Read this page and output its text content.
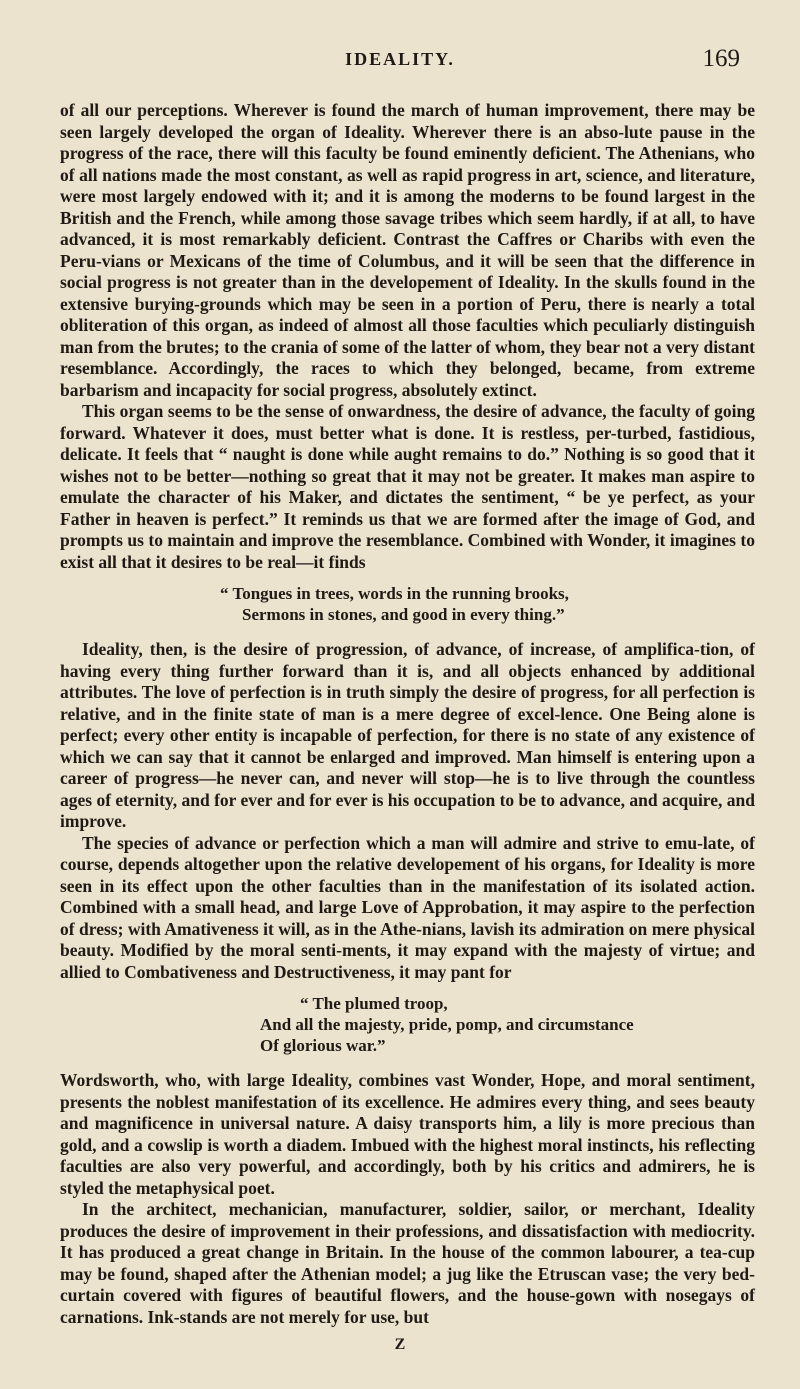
IDEALITY.	169

of all our perceptions. Wherever is found the march of human improvement, there may be seen largely developed the organ of Ideality. Wherever there is an abso-lute pause in the progress of the race, there will this faculty be found eminently deficient. The Athenians, who of all nations made the most constant, as well as rapid progress in art, science, and literature, were most largely endowed with it; and it is among the moderns to be found largest in the British and the French, while among those savage tribes which seem hardly, if at all, to have advanced, it is most remarkably deficient. Contrast the Caffres or Charibs with even the Peru-vians or Mexicans of the time of Columbus, and it will be seen that the difference in social progress is not greater than in the developement of Ideality. In the skulls found in the extensive burying-grounds which may be seen in a portion of Peru, there is nearly a total obliteration of this organ, as indeed of almost all those faculties which peculiarly distinguish man from the brutes; to the crania of some of the latter of whom, they bear not a very distant resemblance. Accordingly, the races to which they belonged, became, from extreme barbarism and incapacity for social progress, absolutely extinct.

This organ seems to be the sense of onwardness, the desire of advance, the faculty of going forward. Whatever it does, must better what is done. It is restless, per-turbed, fastidious, delicate. It feels that “ naught is done while aught remains to do.” Nothing is so good that it wishes not to be better—nothing so great that it may not be greater. It makes man aspire to emulate the character of his Maker, and dictates the sentiment, “ be ye perfect, as your Father in heaven is perfect.” It reminds us that we are formed after the image of God, and prompts us to maintain and improve the resemblance. Combined with Wonder, it imagines to exist all that it desires to be real—it finds

“ Tongues in trees, words in the running brooks,
Sermons in stones, and good in every thing.”

Ideality, then, is the desire of progression, of advance, of increase, of amplifica-tion, of having every thing further forward than it is, and all objects enhanced by additional attributes. The love of perfection is in truth simply the desire of progress, for all perfection is relative, and in the finite state of man is a mere degree of excel-lence. One Being alone is perfect; every other entity is incapable of perfection, for there is no state of any existence of which we can say that it cannot be enlarged and improved. Man himself is entering upon a career of progress—he never can, and never will stop—he is to live through the countless ages of eternity, and for ever and for ever is his occupation to be to advance, and acquire, and improve.

The species of advance or perfection which a man will admire and strive to emu-late, of course, depends altogether upon the relative developement of his organs, for Ideality is more seen in its effect upon the other faculties than in the manifestation of its isolated action. Combined with a small head, and large Love of Approbation, it may aspire to the perfection of dress; with Amativeness it will, as in the Athe-nians, lavish its admiration on mere physical beauty. Modified by the moral senti-ments, it may expand with the majesty of virtue; and allied to Combativeness and Destructiveness, it may pant for

“ The plumed troop,
And all the majesty, pride, pomp, and circumstance
Of glorious war.”

Wordsworth, who, with large Ideality, combines vast Wonder, Hope, and moral sentiment, presents the noblest manifestation of its excellence. He admires every thing, and sees beauty and magnificence in universal nature. A daisy transports him, a lily is more precious than gold, and a cowslip is worth a diadem. Imbued with the highest moral instincts, his reflecting faculties are also very powerful, and accordingly, both by his critics and admirers, he is styled the metaphysical poet.

In the architect, mechanician, manufacturer, soldier, sailor, or merchant, Ideality produces the desire of improvement in their professions, and dissatisfaction with mediocrity. It has produced a great change in Britain. In the house of the common labourer, a tea-cup may be found, shaped after the Athenian model; a jug like the Etruscan vase; the very bed-curtain covered with figures of beautiful flowers, and the house-gown with nosegays of carnations. Ink-stands are not merely for use, but

Z
